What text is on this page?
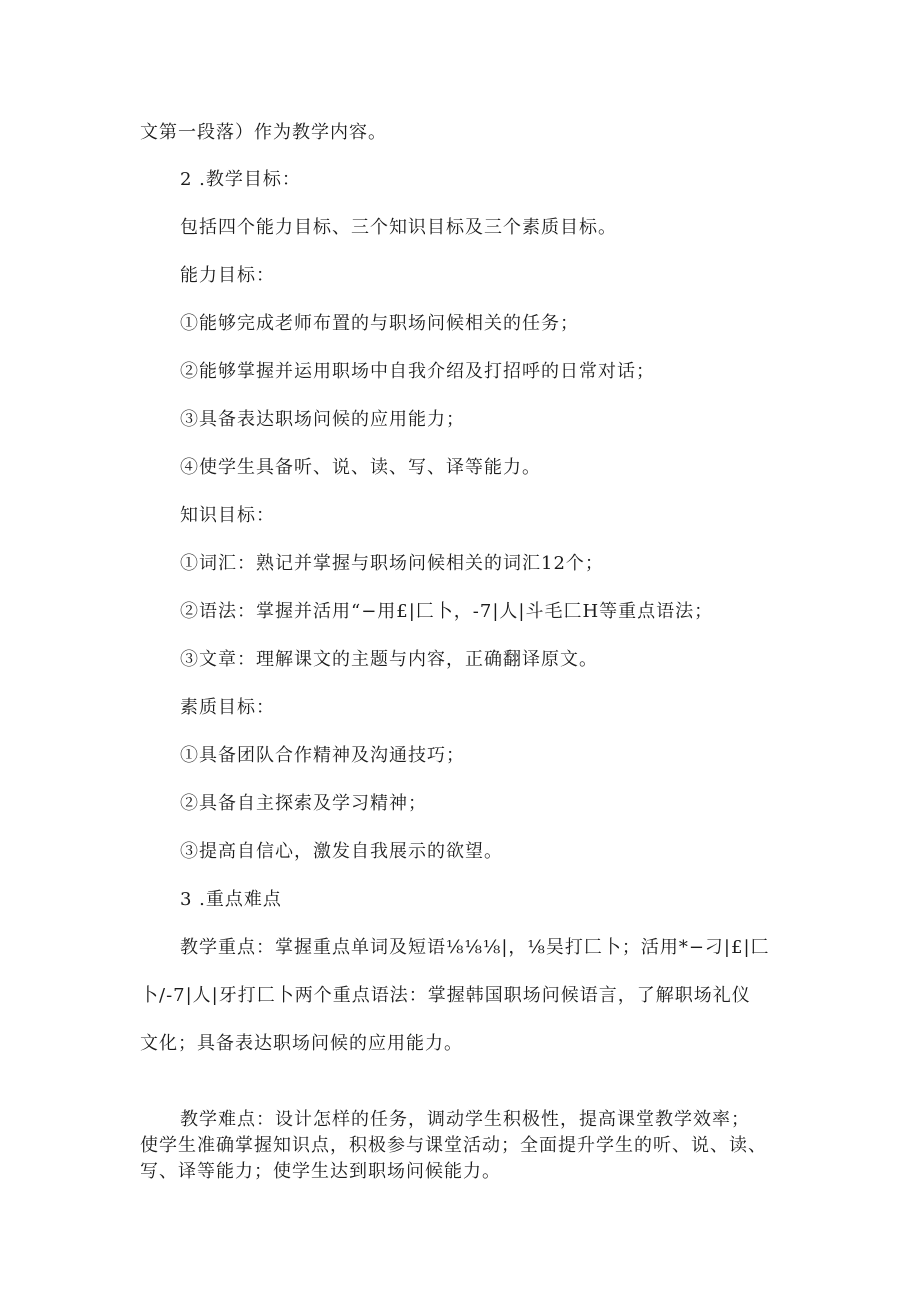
文第一段落）作为教学内容。
2 .教学目标：
包括四个能力目标、三个知识目标及三个素质目标。
能力目标：
①能够完成老师布置的与职场问候相关的任务；
②能够掌握并运用职场中自我介绍及打招呼的日常对话；
③具备表达职场问候的应用能力；
④使学生具备听、说、读、写、译等能力。
知识目标：
①词汇：熟记并掌握与职场问候相关的词汇12个；
②语法：掌握并活用“−用£|匚卜，-7|人|斗毛匚H等重点语法；
③文章：理解课文的主题与内容，正确翻译原文。
素质目标：
①具备团队合作精神及沟通技巧；
②具备自主探索及学习精神；
③提高自信心，激发自我展示的欲望。
3 .重点难点
教学重点：掌握重点单词及短语⅛⅛⅛|，⅛吴打匚卜；活用*−刁|£|匚
卜/-7|人|牙打匚卜两个重点语法：掌握韩国职场问候语言，了解职场礼仪
文化；具备表达职场问候的应用能力。
教学难点：设计怎样的任务，调动学生积极性，提高课堂教学效率；
使学生准确掌握知识点，积极参与课堂活动；全面提升学生的听、说、读、
写、译等能力；使学生达到职场问候能力。
